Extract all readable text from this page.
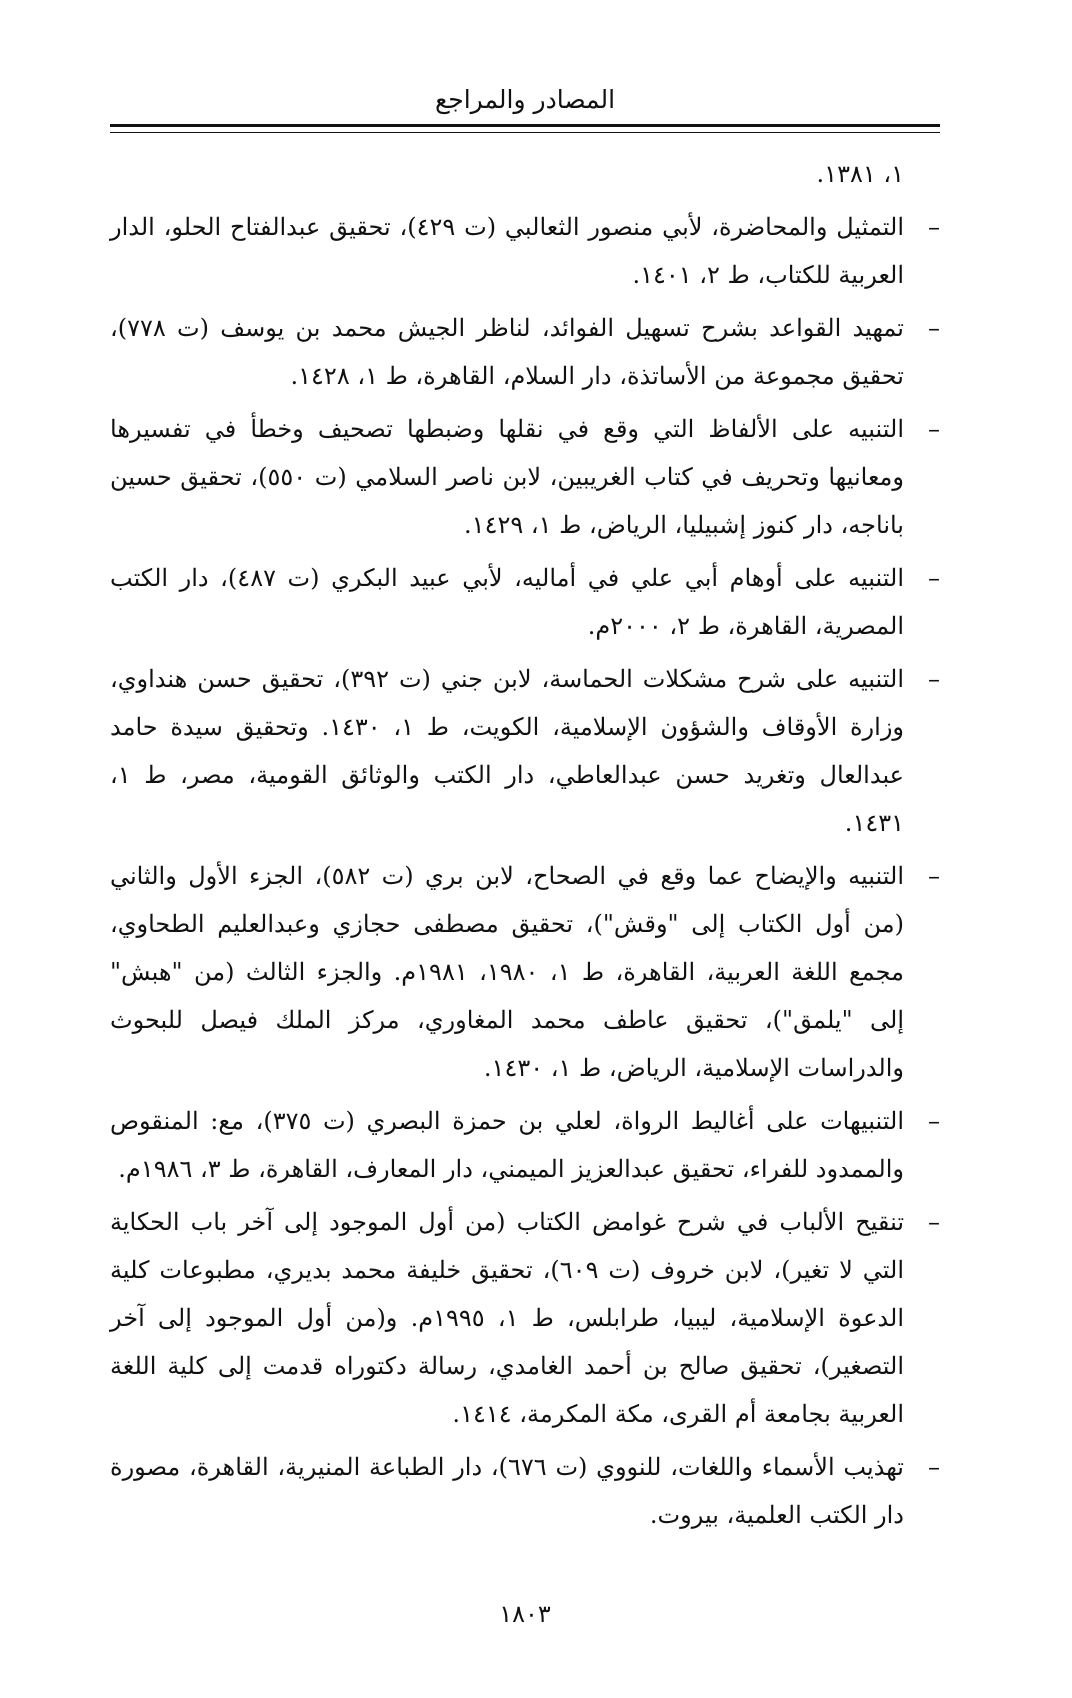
المصادر والمراجع
١، ١٣٨١.
–
التمثيل والمحاضرة، لأبي منصور الثعالبي (ت ٤٢٩)، تحقيق عبدالفتاح الحلو، الدار العربية للكتاب، ط ٢، ١٤٠١.
–
تمهيد القواعد بشرح تسهيل الفوائد، لناظر الجيش محمد بن يوسف (ت ٧٧٨)، تحقيق مجموعة من الأساتذة، دار السلام، القاهرة، ط ١، ١٤٢٨.
–
التنبيه على الألفاظ التي وقع في نقلها وضبطها تصحيف وخطأ في تفسيرها ومعانيها وتحريف في كتاب الغريبين، لابن ناصر السلامي (ت ٥٥٠)، تحقيق حسين باناجه، دار كنوز إشبيليا، الرياض، ط ١، ١٤٢٩.
–
التنبيه على أوهام أبي علي في أماليه، لأبي عبيد البكري (ت ٤٨٧)، دار الكتب المصرية، القاهرة، ط ٢، ٢٠٠٠م.
–
التنبيه على شرح مشكلات الحماسة، لابن جني (ت ٣٩٢)، تحقيق حسن هنداوي، وزارة الأوقاف والشؤون الإسلامية، الكويت، ط ١، ١٤٣٠. وتحقيق سيدة حامد عبدالعال وتغريد حسن عبدالعاطي، دار الكتب والوثائق القومية، مصر، ط ١، ١٤٣١.
–
التنبيه والإيضاح عما وقع في الصحاح، لابن بري (ت ٥٨٢)، الجزء الأول والثاني (من أول الكتاب إلى "وقش")، تحقيق مصطفى حجازي وعبدالعليم الطحاوي، مجمع اللغة العربية، القاهرة، ط ١، ١٩٨٠، ١٩٨١م. والجزء الثالث (من "هبش" إلى "يلمق")، تحقيق عاطف محمد المغاوري، مركز الملك فيصل للبحوث والدراسات الإسلامية، الرياض، ط ١، ١٤٣٠.
–
التنبيهات على أغاليط الرواة، لعلي بن حمزة البصري (ت ٣٧٥)، مع: المنقوص والممدود للفراء، تحقيق عبدالعزيز الميمني، دار المعارف، القاهرة، ط ٣، ١٩٨٦م.
–
تنقيح الألباب في شرح غوامض الكتاب (من أول الموجود إلى آخر باب الحكاية التي لا تغير)، لابن خروف (ت ٦٠٩)، تحقيق خليفة محمد بديري، مطبوعات كلية الدعوة الإسلامية، ليبيا، طرابلس، ط ١، ١٩٩٥م. و(من أول الموجود إلى آخر التصغير)، تحقيق صالح بن أحمد الغامدي، رسالة دكتوراه قدمت إلى كلية اللغة العربية بجامعة أم القرى، مكة المكرمة، ١٤١٤.
–
تهذيب الأسماء واللغات، للنووي (ت ٦٧٦)، دار الطباعة المنيرية، القاهرة، مصورة دار الكتب العلمية، بيروت.
١٨٠٣
